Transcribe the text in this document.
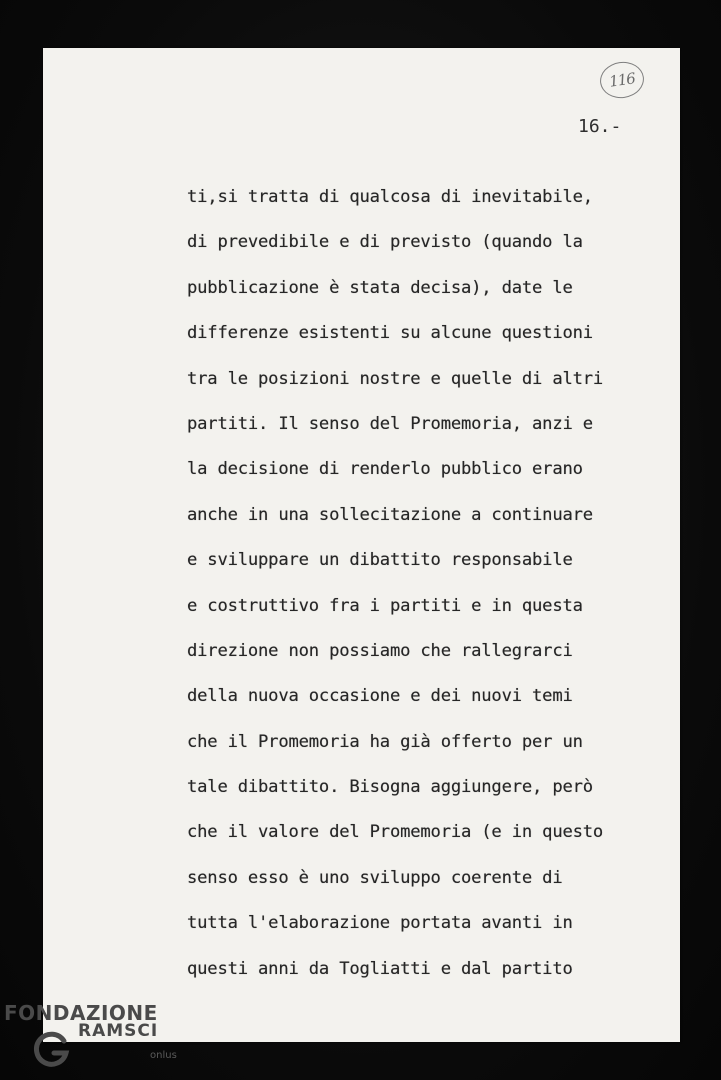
116
16.-
ti,si tratta di qualcosa di inevitabile,
di prevedibile e di previsto (quando la
pubblicazione è stata decisa), date le
differenze esistenti su alcune questioni
tra le posizioni nostre e quelle di altri
partiti. Il senso del Promemoria, anzi e
la decisione di renderlo pubblico erano
anche in una sollecitazione a continuare
e sviluppare un dibattito responsabile
e costruttivo fra i partiti e in questa
direzione non possiamo che rallegrarci
della nuova occasione e dei nuovi temi
che il Promemoria ha già offerto per un
tale dibattito. Bisogna aggiungere, però
che il valore del Promemoria (e in questo
senso esso è uno sviluppo coerente di
tutta l'elaborazione portata avanti in
questi anni da Togliatti e dal partito
FONDAZIONE
RAMSCI
onlus
